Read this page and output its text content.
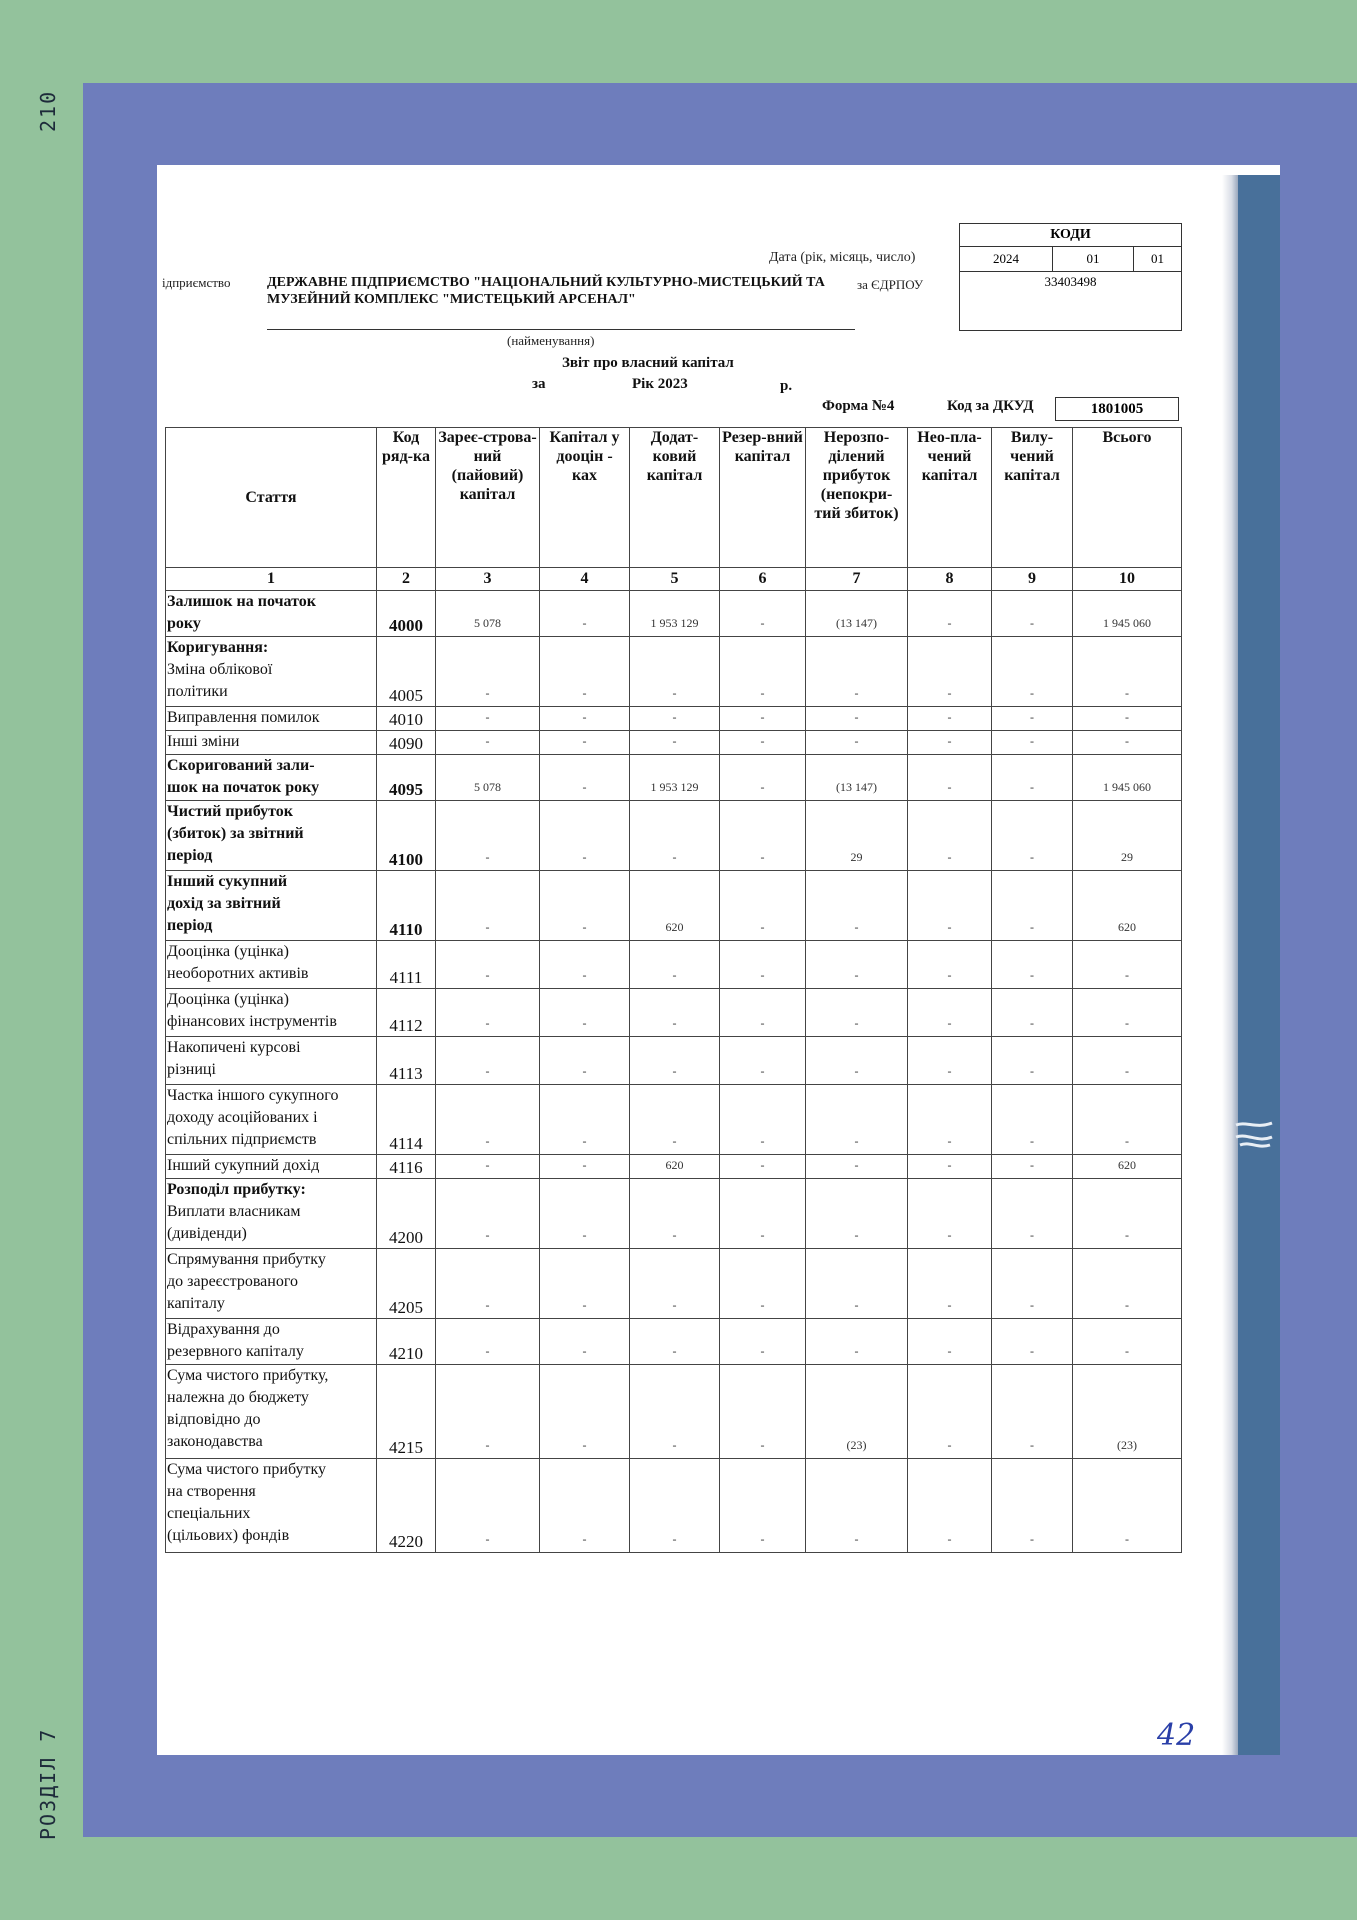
210
РОЗДІЛ 7
КОДИ
2024	01	01
33403498
Дата (рік, місяць, число)
ідприємство	ДЕРЖАВНЕ ПІДПРИЄМСТВО "НАЦІОНАЛЬНИЙ КУЛЬТУРНО-МИСТЕЦЬКИЙ ТА МУЗЕЙНИЙ КОМПЛЕКС "МИСТЕЦЬКИЙ АРСЕНАЛ"
за ЄДРПОУ
(найменування)
Звіт про власний капітал
за	Рік 2023	р.
Форма №4	Код за ДКУД	1801005
Стаття	Код ряд-ка	Зареє-строва-ний (пайовий) капітал	Капітал у дооцін - ках	Додат-ковий капітал	Резер-вний капітал	Нерозпо-ділений прибуток (непокри-тий збиток)	Нео-пла-чений капітал	Вилу-чений капітал	Всього
1	2	3	4	5	6	7	8	9	10

Залишок на початок
року	4000	5 078	-	1 953 129	-	(13 147)	-	-	1 945 060

Коригування:
Зміна облікової
політики	4005	-	-	-	-	-	-	-	-

Виправлення помилок	4010	-	-	-	-	-	-	-	-

Інші зміни	4090	-	-	-	-	-	-	-	-

Скоригований зали-
шок на початок року	4095	5 078	-	1 953 129	-	(13 147)	-	-	1 945 060

Чистий прибуток
(збиток) за звітний
період	4100	-	-	-	-	29	-	-	29

Інший сукупний
дохід за звітний
період	4110	-	-	620	-	-	-	-	620

Дооцінка (уцінка)
необоротних активів	4111	-	-	-	-	-	-	-	-

Дооцінка (уцінка)
фінансових інструментів	4112	-	-	-	-	-	-	-	-

Накопичені курсові
різниці	4113	-	-	-	-	-	-	-	-

Частка іншого сукупного
доходу асоційованих і
спільних підприємств	4114	-	-	-	-	-	-	-	-

Інший сукупний дохід	4116	-	-	620	-	-	-	-	620

Розподіл прибутку:
Виплати власникам
(дивіденди)	4200	-	-	-	-	-	-	-	-

Спрямування прибутку
до зареєстрованого
капіталу	4205	-	-	-	-	-	-	-	-

Відрахування до
резервного капіталу	4210	-	-	-	-	-	-	-	-

Сума чистого прибутку,
належна до бюджету
відповідно до
законодавства	4215	-	-	-	-	(23)	-	-	(23)

Сума чистого прибутку
на створення
спеціальних
(цільових) фондів	4220	-	-	-	-	-	-	-	-
42
